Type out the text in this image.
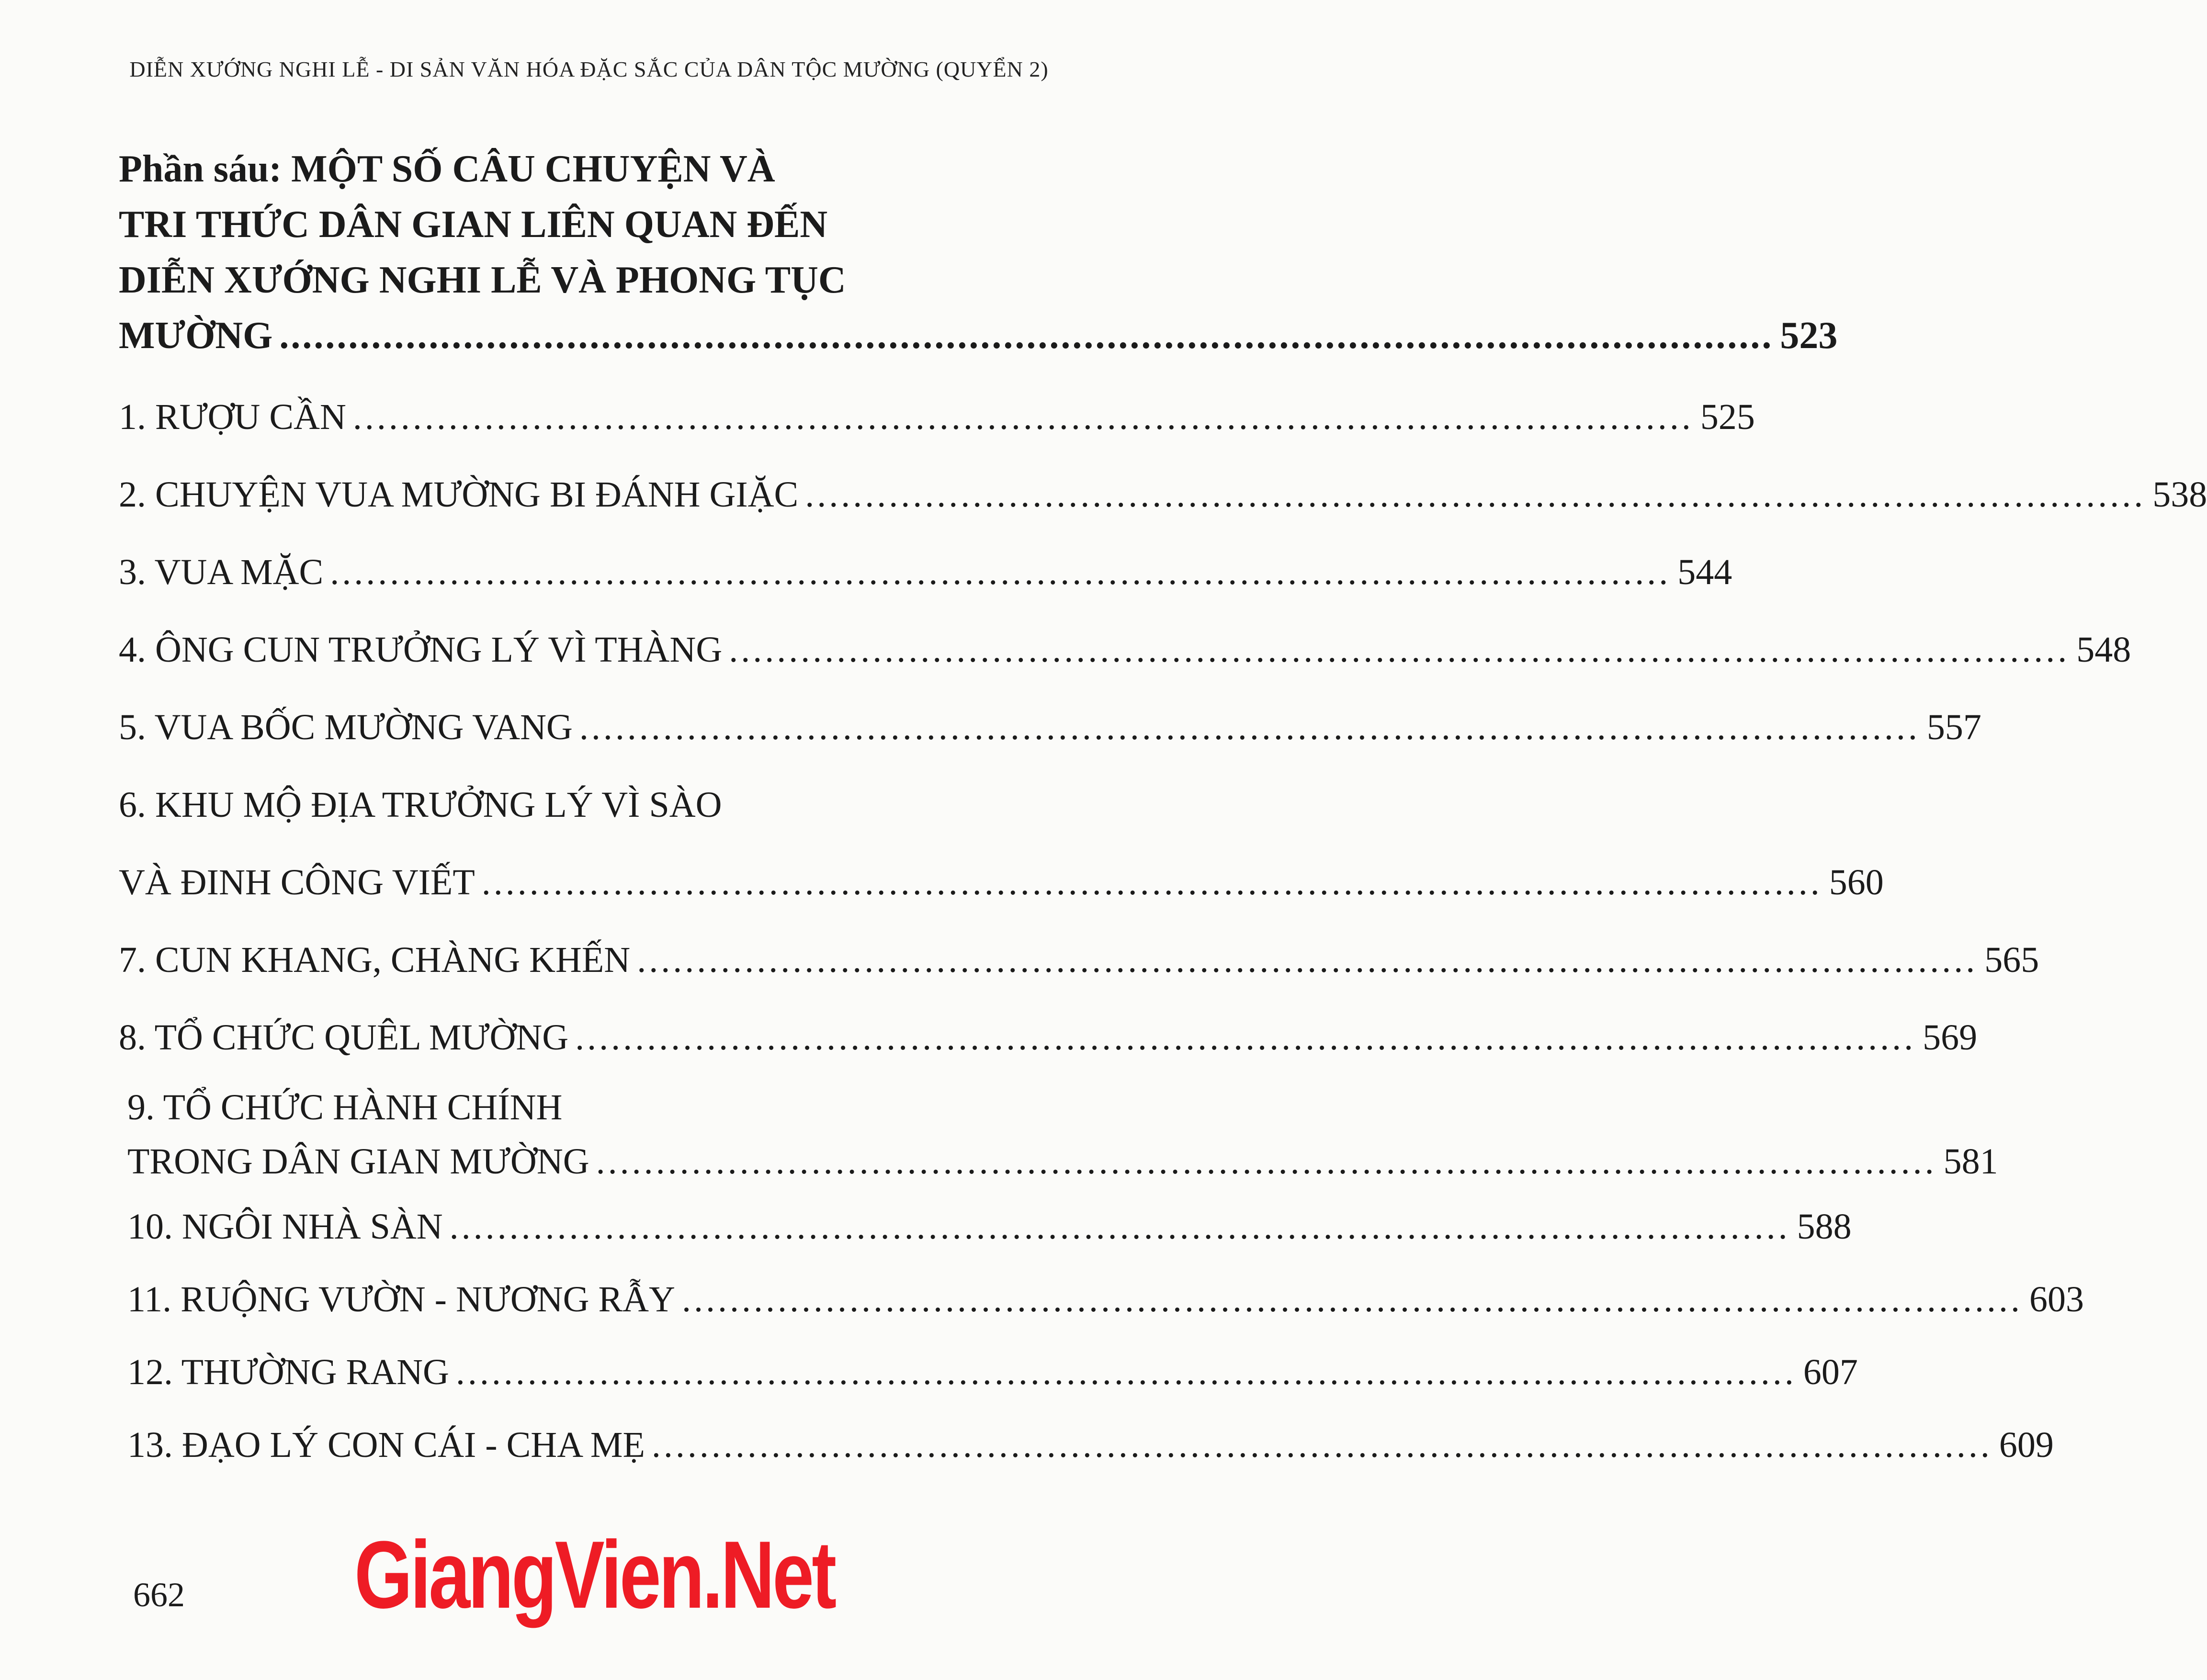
DIỄN XƯỚNG NGHI LỄ - DI SẢN VĂN HÓA ĐẶC SẮC CỦA DÂN TỘC MƯỜNG (QUYỂN 2)
Phần sáu: MỘT SỐ CÂU CHUYỆN VÀ
TRI THỨC DÂN GIAN LIÊN QUAN ĐẾN
DIỄN XƯỚNG NGHI LỄ VÀ PHONG TỤC
MƯỜNG .................................................................................................................................. 523
1. RƯỢU CẦN ................................................................................................................ 525
2. CHUYỆN VUA MƯỜNG BI ĐÁNH GIẶC ................................................................................................................ 538
3. VUA MẶC ................................................................................................................ 544
4. ÔNG CUN TRƯỞNG LÝ VÌ THÀNG ................................................................................................................ 548
5. VUA BỐC MƯỜNG VANG ................................................................................................................ 557
6. KHU MỘ ĐỊA TRƯỞNG LÝ VÌ SÀO
VÀ ĐINH CÔNG VIẾT ................................................................................................................ 560
7. CUN KHANG, CHÀNG KHẾN ................................................................................................................ 565
8. TỔ CHỨC QUÊL MƯỜNG ................................................................................................................ 569
9. TỔ CHỨC HÀNH CHÍNH
TRONG DÂN GIAN MƯỜNG ................................................................................................................ 581
10. NGÔI NHÀ SÀN ................................................................................................................ 588
11. RUỘNG VƯỜN - NƯƠNG RẪY ................................................................................................................ 603
12. THƯỜNG RANG ................................................................................................................ 607
13. ĐẠO LÝ CON CÁI - CHA MẸ ................................................................................................................ 609
662 GiangVien.Net
